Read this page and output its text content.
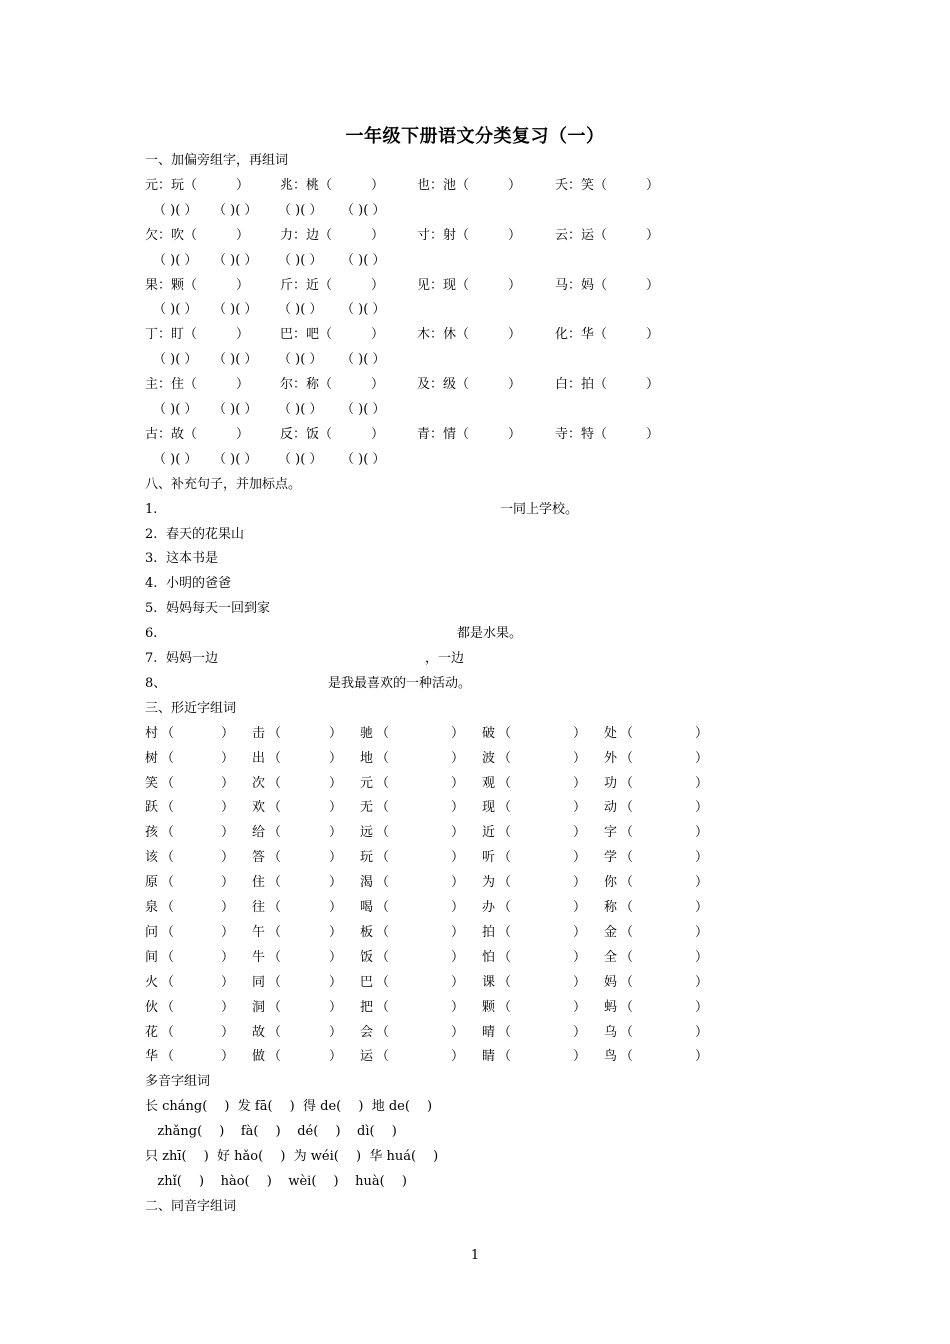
一年级下册语文分类复习（一）
一、加偏旁组字，再组词
元：玩（　　　） 兆：桃（　　　）	也：池（　　　）	夭：笑（　　　）
（ )( ） （ )( ） （ )( ） （ )( ）
欠：吹（　　　） 力：边（　　　）	寸：射（　　　）	云：运（　　　）
（ )( ） （ )( ） （ )( ） （ )( ）
果：颗（　　　） 斤：近（　　　）	见：现（　　　）	马：妈（　　　）
（ )( ） （ )( ） （ )( ） （ )( ）
丁：盯（　　　） 巴：吧（　　　）	木：休（　　　）	化：华（　　　）
（ )( ） （ )( ） （ )( ） （ )( ）
主：住（　　　） 尔：称（　　　）	及：级（　　　）	白：拍（　　　）
（ )( ） （ )( ） （ )( ） （ )( ）
古：故（　　　） 反：饭（　　　）	青：情（　　　）	寺：特（　　　）
（ )( ） （ )( ） （ )( ） （ )( ）
八、补充句子，并加标点。
1.	一同上学校。
2. 春天的花果山
3. 这本书是
4. 小明的爸爸
5. 妈妈每天一回到家
6.	都是水果。
7. 妈妈一边	，一边
8、	是我最喜欢的一种活动。
三、形近字组词
村 （	） 击 （	） 驰 （	） 破 （	） 处 （	）
树 （	） 出 （	） 地 （	） 波 （	） 外 （	）
笑 （	） 次 （	） 元 （	） 观 （	） 功 （	）
跃 （	） 欢 （	） 无 （	） 现 （	） 动 （	）
孩 （	） 给 （	） 远 （	） 近 （	） 字 （	）
该 （	） 答 （	） 玩 （	） 听 （	） 学 （	）
原 （	） 住 （	） 渴 （	） 为 （	） 你 （	）
泉 （	） 往 （	） 喝 （	） 办 （	） 称 （	）
问 （	） 午 （	） 板 （	） 拍 （	） 金 （	）
间 （	） 牛 （	） 饭 （	） 怕 （	） 全 （	）
火 （	） 同 （	） 巴 （	） 课 （	） 妈 （	）
伙 （	） 洞 （	） 把 （	） 颗 （	） 蚂 （	）
花 （	） 故 （	） 会 （	） 晴 （	） 乌 （	）
华 （	） 做 （	） 运 （	） 睛 （	） 鸟 （	）
多音字组词
长 cháng(　 )  发 fā(　 )  得 de(　 )  地 de(　 )
zhǎng(　 )    fà(　 )    dé(　 )    dì(　 )
只 zhī(　 )  好 hǎo(　 )  为 wéi(　 )  华 huá(　 )
zhǐ(　 )    hào(　 )    wèi(　 )    huà(　 )
二、同音字组词
1
